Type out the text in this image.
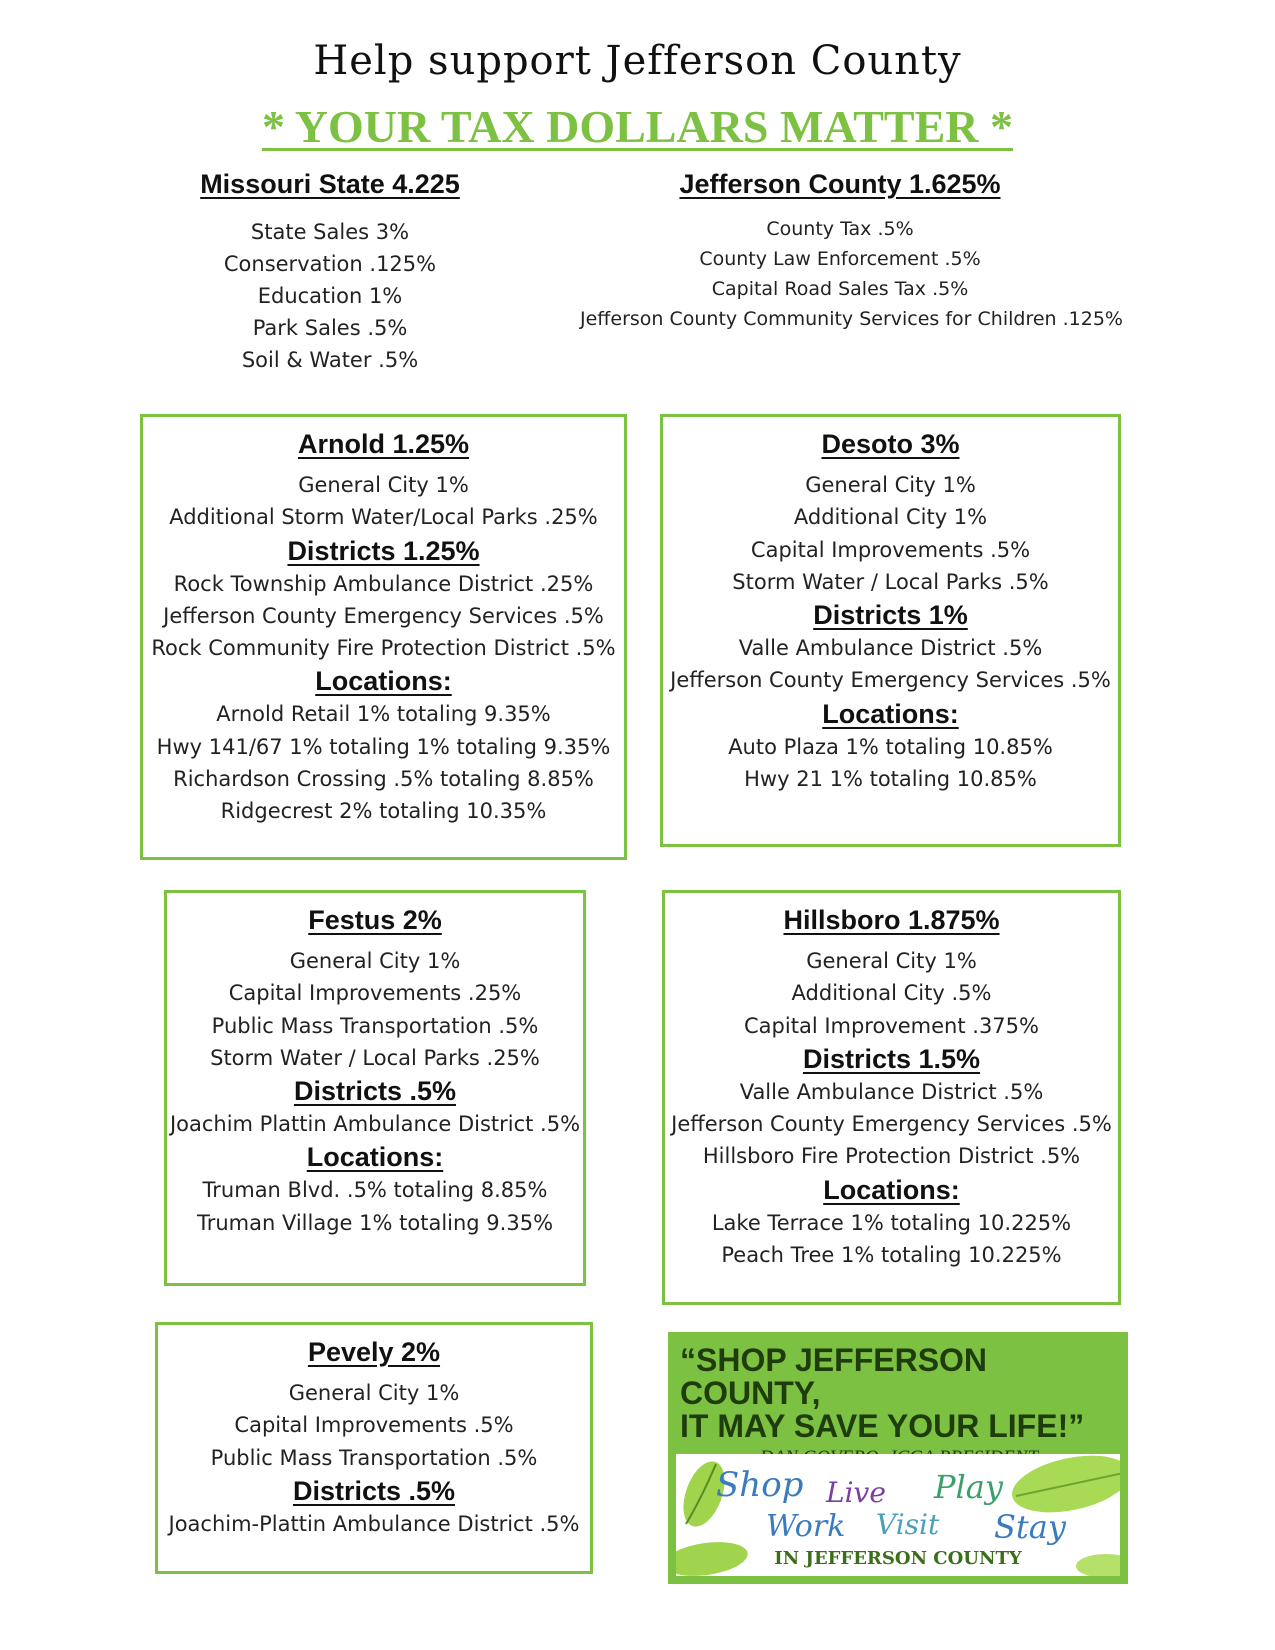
Help support Jefferson County
* YOUR TAX DOLLARS MATTER *

Missouri State 4.225

State Sales 3%

Conservation .125%

Education 1%

Park Sales .5%

Soil & Water .5%

Jefferson County 1.625%

County Tax .5%

County Law Enforcement .5%

Capital Road Sales Tax .5%

Jefferson County Community Services for Children .125%

Arnold 1.25%

General City 1%

Additional Storm Water/Local Parks .25%

Districts 1.25%

Rock Township Ambulance District .25%

Jefferson County Emergency Services .5%

Rock Community Fire Protection District .5%

Locations:

Arnold Retail 1% totaling 9.35%

Hwy 141/67 1% totaling 1% totaling 9.35%

Richardson Crossing .5% totaling 8.85%

Ridgecrest 2% totaling 10.35%

Desoto 3%

General City 1%

Additional City 1%

Capital Improvements .5%

Storm Water / Local Parks .5%

Districts 1%

Valle Ambulance District .5%

Jefferson County Emergency Services .5%

Locations:

Auto Plaza 1% totaling 10.85%

Hwy 21 1% totaling 10.85%

Festus 2%

General City 1%

Capital Improvements .25%

Public Mass Transportation .5%

Storm Water / Local Parks .25%

Districts .5%

Joachim Plattin Ambulance District .5%

Locations:

Truman Blvd. .5% totaling 8.85%

Truman Village 1% totaling 9.35%

Hillsboro 1.875%

General City 1%

Additional City .5%

Capital Improvement .375%

Districts 1.5%

Valle Ambulance District .5%

Jefferson County Emergency Services .5%

Hillsboro Fire Protection District .5%

Locations:

Lake Terrace 1% totaling 10.225%

Peach Tree 1% totaling 10.225%

Pevely 2%

General City 1%

Capital Improvements .5%

Public Mass Transportation .5%

Districts .5%

Joachim-Plattin Ambulance District .5%

“SHOP JEFFERSON COUNTY,

IT MAY SAVE YOUR LIFE!”

Shop Live Play
Work Visit Stay
IN JEFFERSON COUNTY
